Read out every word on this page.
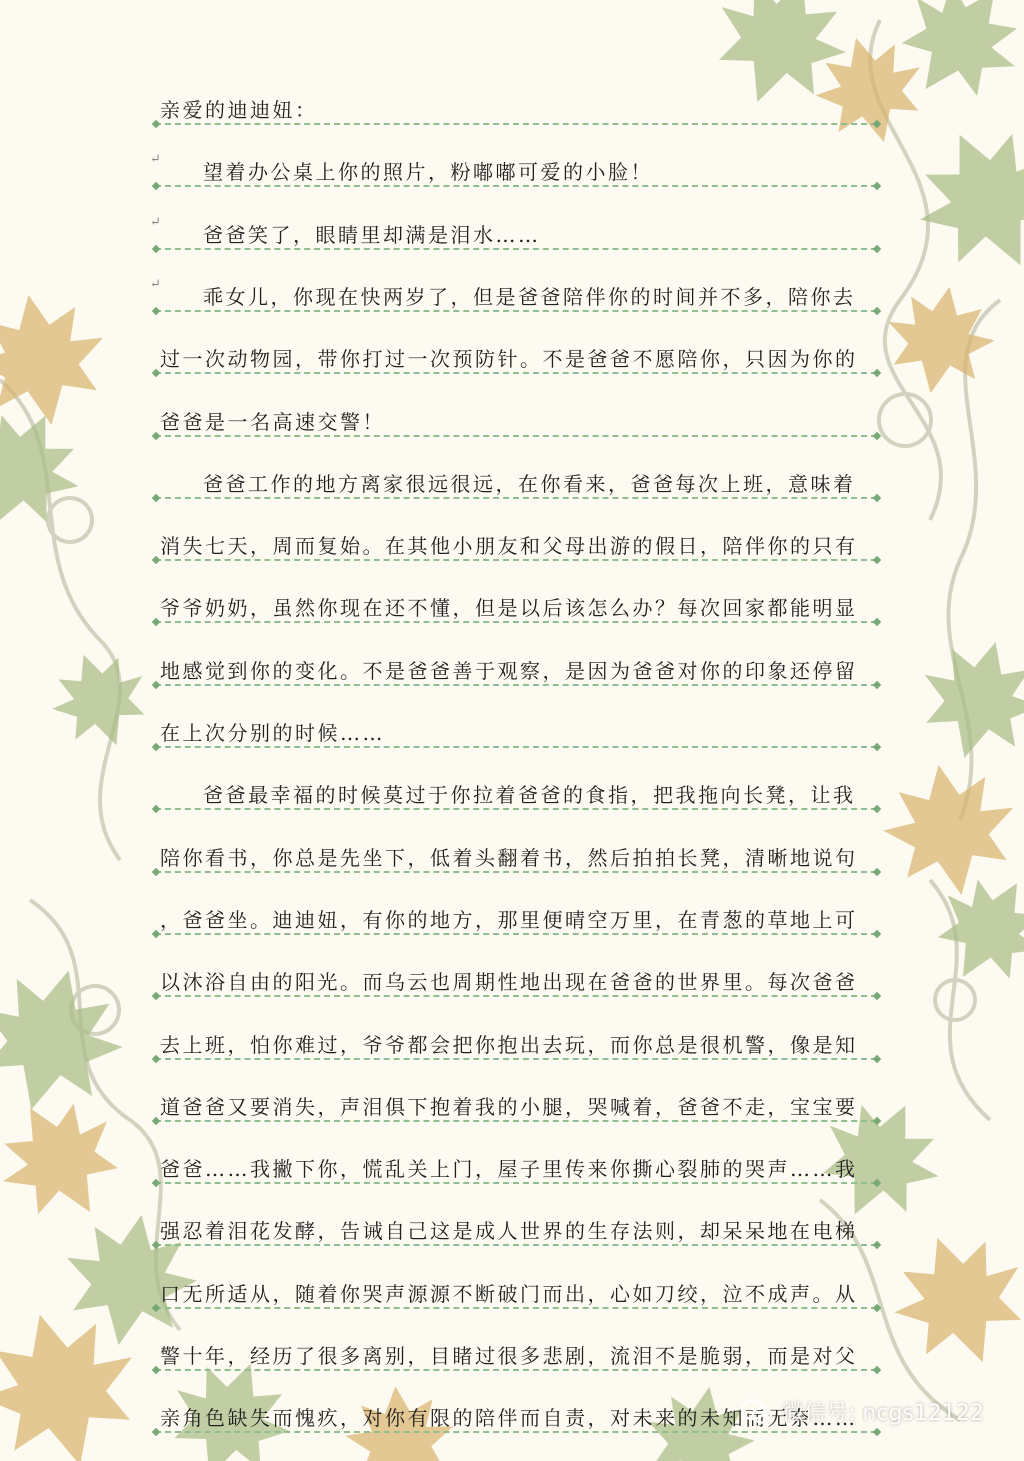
亲爱的迪迪妞：
望着办公桌上你的照片，粉嘟嘟可爱的小脸！
↵
爸爸笑了，眼睛里却满是泪水……
↵
乖女儿，你现在快两岁了，但是爸爸陪伴你的时间并不多，陪你去
↵
过一次动物园，带你打过一次预防针。不是爸爸不愿陪你，只因为你的
爸爸是一名高速交警！
爸爸工作的地方离家很远很远，在你看来，爸爸每次上班，意味着
消失七天，周而复始。在其他小朋友和父母出游的假日，陪伴你的只有
爷爷奶奶，虽然你现在还不懂，但是以后该怎么办？每次回家都能明显
地感觉到你的变化。不是爸爸善于观察，是因为爸爸对你的印象还停留
在上次分别的时候……
爸爸最幸福的时候莫过于你拉着爸爸的食指，把我拖向长凳，让我
陪你看书，你总是先坐下，低着头翻着书，然后拍拍长凳，清晰地说句
，爸爸坐。迪迪妞，有你的地方，那里便晴空万里，在青葱的草地上可
以沐浴自由的阳光。而乌云也周期性地出现在爸爸的世界里。每次爸爸
去上班，怕你难过，爷爷都会把你抱出去玩，而你总是很机警，像是知
道爸爸又要消失，声泪俱下抱着我的小腿，哭喊着，爸爸不走，宝宝要
爸爸……我撇下你，慌乱关上门，屋子里传来你撕心裂肺的哭声……我
强忍着泪花发酵，告诫自己这是成人世界的生存法则，却呆呆地在电梯
口无所适从，随着你哭声源源不断破门而出，心如刀绞，泣不成声。从
警十年，经历了很多离别，目睹过很多悲剧，流泪不是脆弱，而是对父
亲角色缺失而愧疚，对你有限的陪伴而自责，对未来的未知而无奈……
微信号: ncgs12122
